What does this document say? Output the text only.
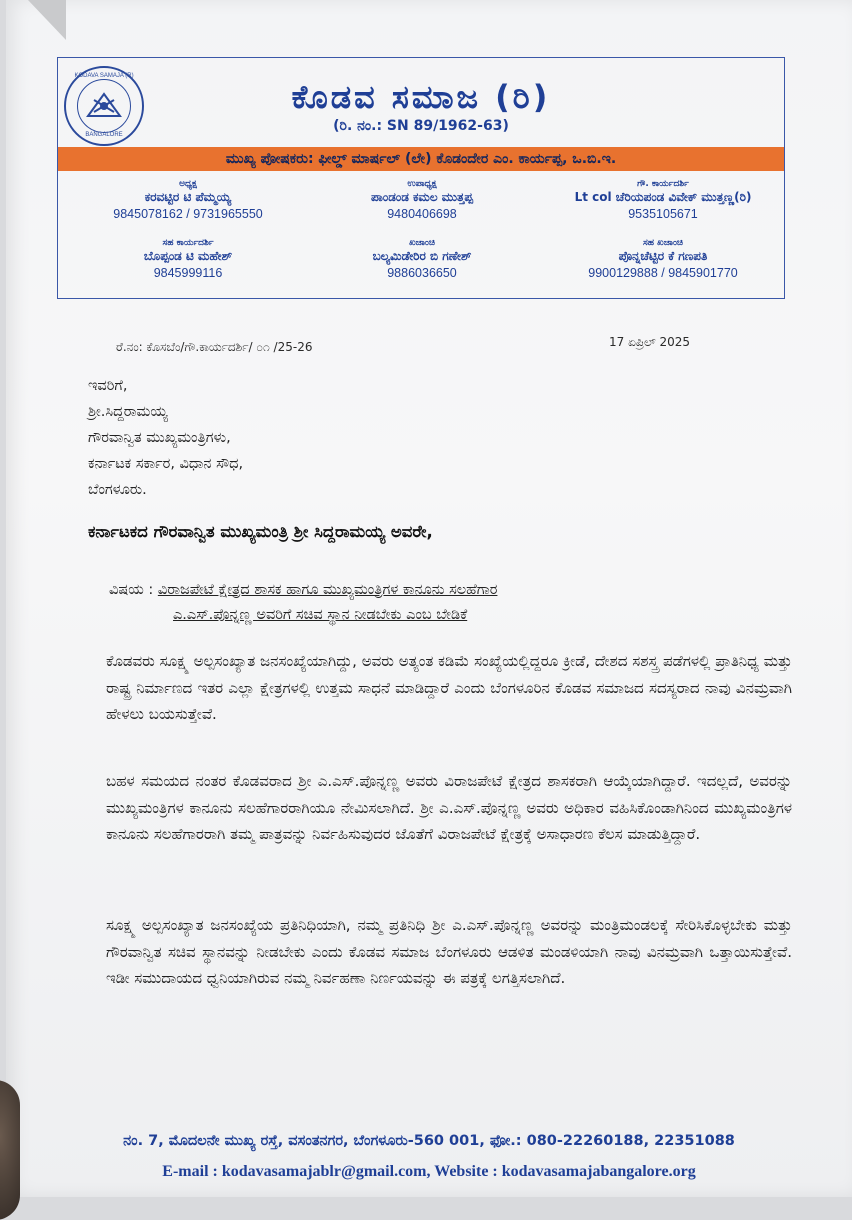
KODAVA SAMAJA (R)
BANGALORE
ಕೊಡವ ಸಮಾಜ (ರಿ)
(ರಿ. ನಂ.: SN 89/1962-63)
ಮುಖ್ಯ ಪೋಷಕರು: ಫೀಲ್ಡ್ ಮಾರ್ಷಲ್ (ಲೇ) ಕೊಡಂದೇರ ಎಂ. ಕಾರ್ಯಪ್ಪ, ಒ.ಬಿ.ಇ.
ಅಧ್ಯಕ್ಷ
ಕರವಟ್ಟಿರ ಟಿ ಪೆಮ್ಮಯ್ಯ
9845078162 / 9731965550
ಉಪಾಧ್ಯಕ್ಷ
ಪಾಂಡಂಡ ಕಮಲ ಮುತ್ತಪ್ಪ
9480406698
ಗೌ. ಕಾರ್ಯದರ್ಶಿ
Lt col ಚೆರಿಯಪಂಡ ವಿವೇಕ್ ಮುತ್ತಣ್ಣ(ರಿ)
9535105671
ಸಹ ಕಾರ್ಯದರ್ಶಿ
ಬೊಪ್ಪಂಡ ಟಿ ಮಹೇಶ್
9845999116
ಖಜಾಂಚಿ
ಬಲ್ಯಮಿಡೇರಿರ ಬಿ ಗಣೇಶ್
9886036650
ಸಹ ಖಜಾಂಚಿ
ಪೊನ್ನಚೆಟ್ಟಿರ ಕೆ ಗಣಪತಿ
9900129888 / 9845901770
ರೆ.ನಂ: ಕೊಸಬೆಂ/ಗೌ.ಕಾರ್ಯದರ್ಶಿ/ ೦೧ /25-26	17 ಏಪ್ರಿಲ್ 2025
ಇವರಿಗೆ,
ಶ್ರೀ.ಸಿದ್ದರಾಮಯ್ಯ
ಗೌರವಾನ್ವಿತ ಮುಖ್ಯಮಂತ್ರಿಗಳು,
ಕರ್ನಾಟಕ ಸರ್ಕಾರ, ವಿಧಾನ ಸೌಧ,
ಬೆಂಗಳೂರು.
ಕರ್ನಾಟಕದ ಗೌರವಾನ್ವಿತ ಮುಖ್ಯಮಂತ್ರಿ ಶ್ರೀ ಸಿದ್ದರಾಮಯ್ಯ ಅವರೇ,
ವಿಷಯ : ವಿರಾಜಪೇಟೆ ಕ್ಷೇತ್ರದ ಶಾಸಕ ಹಾಗೂ ಮುಖ್ಯಮಂತ್ರಿಗಳ ಕಾನೂನು ಸಲಹೆಗಾರ
ಎ.ಎಸ್.ಪೊನ್ನಣ್ಣ ಅವರಿಗೆ ಸಚಿವ ಸ್ಥಾನ ನೀಡಬೇಕು ಎಂಬ ಬೇಡಿಕೆ
ಕೊಡವರು ಸೂಕ್ಷ್ಮ ಅಲ್ಪಸಂಖ್ಯಾತ ಜನಸಂಖ್ಯೆಯಾಗಿದ್ದು, ಅವರು ಅತ್ಯಂತ ಕಡಿಮೆ ಸಂಖ್ಯೆಯಲ್ಲಿದ್ದರೂ ಕ್ರೀಡೆ, ದೇಶದ ಸಶಸ್ತ್ರ ಪಡೆಗಳಲ್ಲಿ ಪ್ರಾತಿನಿಧ್ಯ ಮತ್ತು ರಾಷ್ಟ್ರ ನಿರ್ಮಾಣದ ಇತರ ಎಲ್ಲಾ ಕ್ಷೇತ್ರಗಳಲ್ಲಿ ಉತ್ತಮ ಸಾಧನೆ ಮಾಡಿದ್ದಾರೆ ಎಂದು ಬೆಂಗಳೂರಿನ ಕೊಡವ ಸಮಾಜದ ಸದಸ್ಯರಾದ ನಾವು ವಿನಮ್ರವಾಗಿ ಹೇಳಲು ಬಯಸುತ್ತೇವೆ.
ಬಹಳ ಸಮಯದ ನಂತರ ಕೊಡವರಾದ ಶ್ರೀ ಎ.ಎಸ್.ಪೊನ್ನಣ್ಣ ಅವರು ವಿರಾಜಪೇಟೆ ಕ್ಷೇತ್ರದ ಶಾಸಕರಾಗಿ ಆಯ್ಕೆಯಾಗಿದ್ದಾರೆ. ಇದಲ್ಲದೆ, ಅವರನ್ನು ಮುಖ್ಯಮಂತ್ರಿಗಳ ಕಾನೂನು ಸಲಹೆಗಾರರಾಗಿಯೂ ನೇಮಿಸಲಾಗಿದೆ. ಶ್ರೀ ಎ.ಎಸ್.ಪೊನ್ನಣ್ಣ ಅವರು ಅಧಿಕಾರ ವಹಿಸಿಕೊಂಡಾಗಿನಿಂದ ಮುಖ್ಯಮಂತ್ರಿಗಳ ಕಾನೂನು ಸಲಹೆಗಾರರಾಗಿ ತಮ್ಮ ಪಾತ್ರವನ್ನು ನಿರ್ವಹಿಸುವುದರ ಜೊತೆಗೆ ವಿರಾಜಪೇಟೆ ಕ್ಷೇತ್ರಕ್ಕೆ ಅಸಾಧಾರಣ ಕೆಲಸ ಮಾಡುತ್ತಿದ್ದಾರೆ.
ಸೂಕ್ಷ್ಮ ಅಲ್ಪಸಂಖ್ಯಾತ ಜನಸಂಖ್ಯೆಯ ಪ್ರತಿನಿಧಿಯಾಗಿ, ನಮ್ಮ ಪ್ರತಿನಿಧಿ ಶ್ರೀ ಎ.ಎಸ್.ಪೊನ್ನಣ್ಣ ಅವರನ್ನು ಮಂತ್ರಿಮಂಡಲಕ್ಕೆ ಸೇರಿಸಿಕೊಳ್ಳಬೇಕು ಮತ್ತು ಗೌರವಾನ್ವಿತ ಸಚಿವ ಸ್ಥಾನವನ್ನು ನೀಡಬೇಕು ಎಂದು ಕೊಡವ ಸಮಾಜ ಬೆಂಗಳೂರು ಆಡಳಿತ ಮಂಡಳಿಯಾಗಿ ನಾವು ವಿನಮ್ರವಾಗಿ ಒತ್ತಾಯಿಸುತ್ತೇವೆ. ಇಡೀ ಸಮುದಾಯದ ಧ್ವನಿಯಾಗಿರುವ ನಮ್ಮ ನಿರ್ವಹಣಾ ನಿರ್ಣಯವನ್ನು ಈ ಪತ್ರಕ್ಕೆ ಲಗತ್ತಿಸಲಾಗಿದೆ.
ನಂ. 7, ಮೊದಲನೇ ಮುಖ್ಯ ರಸ್ತೆ, ವಸಂತನಗರ, ಬೆಂಗಳೂರು-560 001, ಫೋ.: 080-22260188, 22351088
E-mail : kodavasamajablr@gmail.com, Website : kodavasamajabangalore.org
